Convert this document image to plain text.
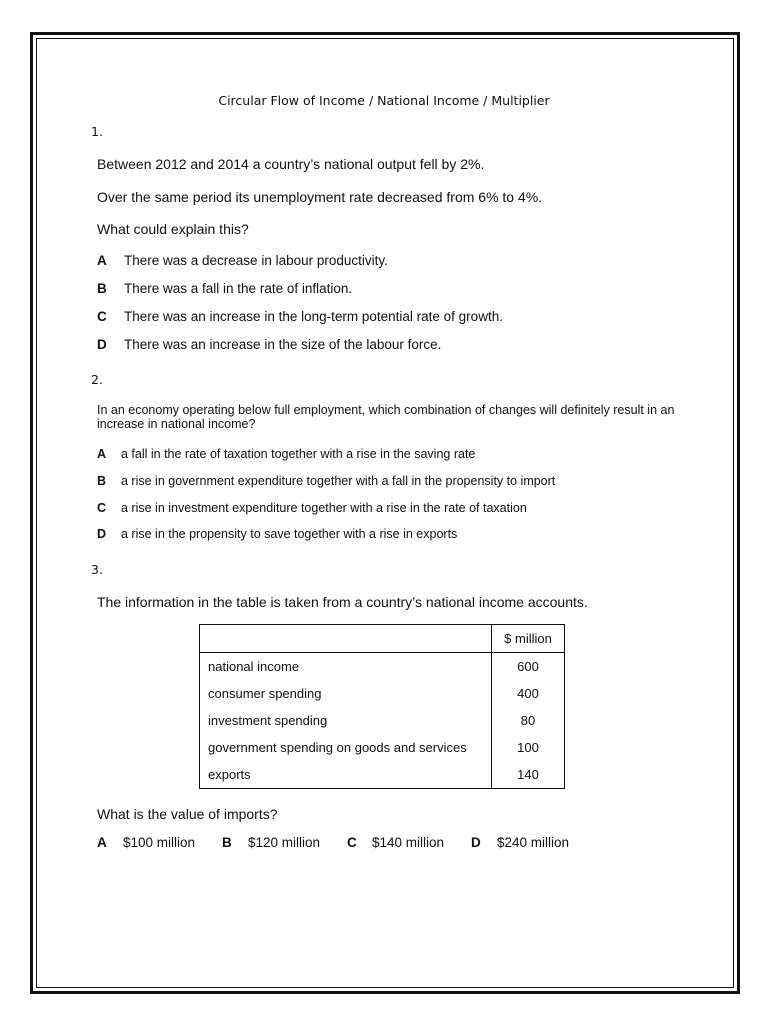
Circular Flow of Income / National Income / Multiplier
1.
Between 2012 and 2014 a country’s national output fell by 2%.
Over the same period its unemployment rate decreased from 6% to 4%.
What could explain this?
A There was a decrease in labour productivity.
B There was a fall in the rate of inflation.
C There was an increase in the long-term potential rate of growth.
D There was an increase in the size of the labour force.
2.
In an economy operating below full employment, which combination of changes will definitely result in an increase in national income?
A a fall in the rate of taxation together with a rise in the saving rate
B a rise in government expenditure together with a fall in the propensity to import
C a rise in investment expenditure together with a rise in the rate of taxation
D a rise in the propensity to save together with a rise in exports
3.
The information in the table is taken from a country’s national income accounts.
	$ million
national income	600
consumer spending	400
investment spending	80
government spending on goods and services	100
exports	140
What is the value of imports?
A $100 million B $120 million C $140 million D $240 million
